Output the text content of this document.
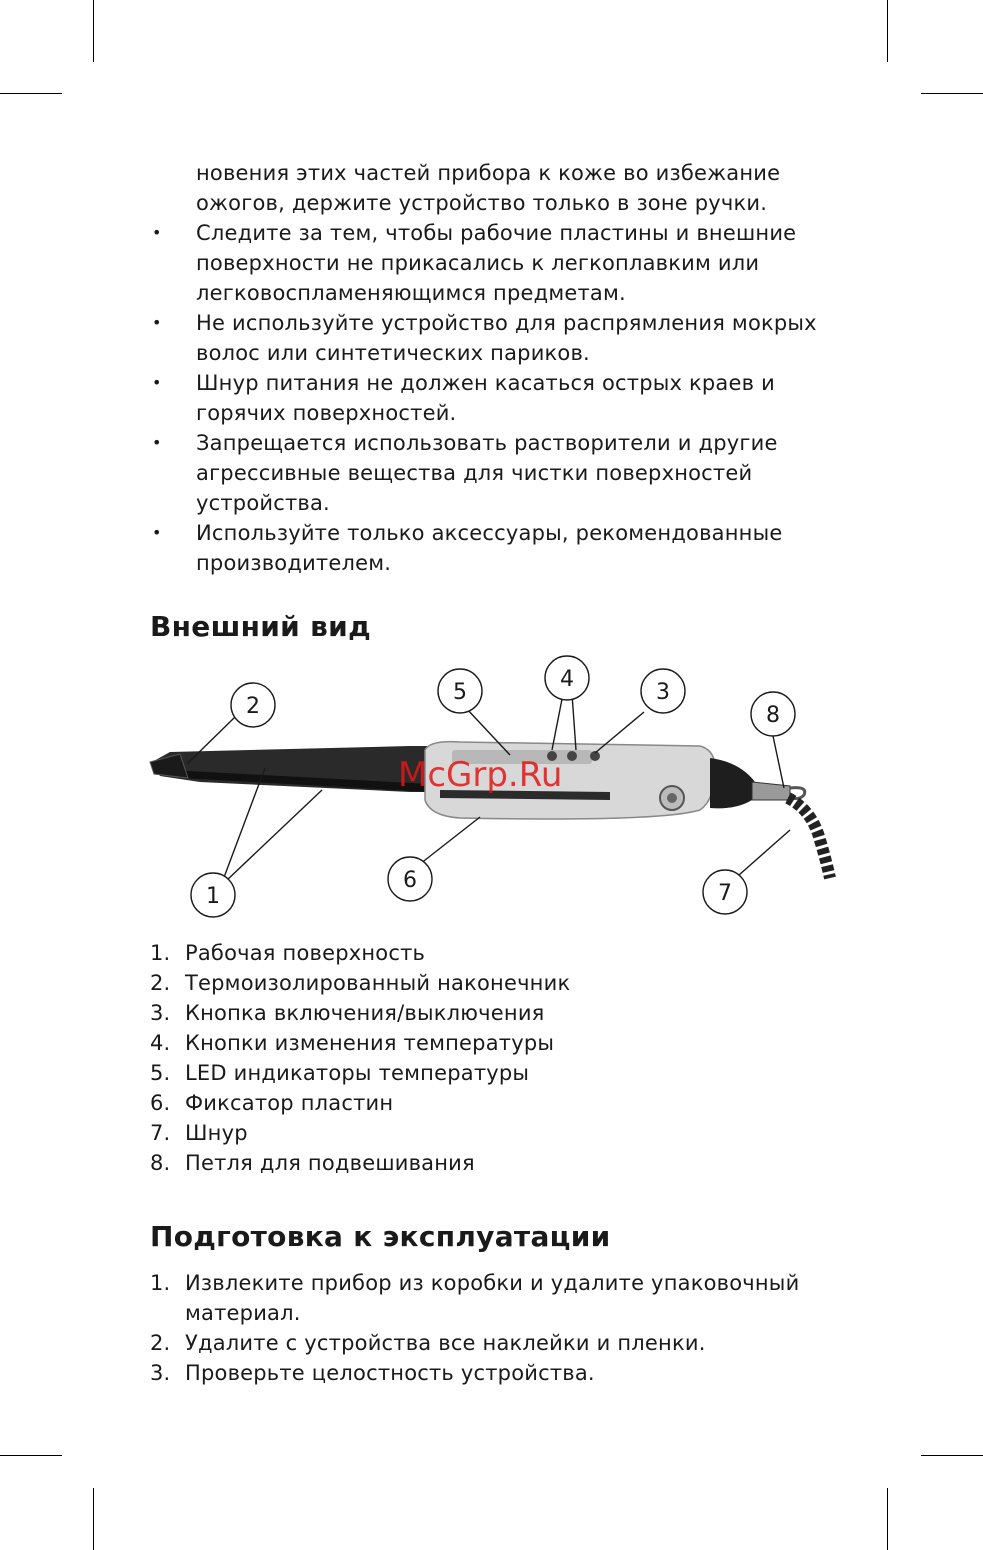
новения этих частей прибора к коже во избежание ожогов, держите устройство только в зоне ручки.
• Следите за тем, чтобы рабочие пластины и внешние поверхности не прикасались к легкоплавким или легковоспламеняющимся предметам.
• Не используйте устройство для распрямления мокрых волос или синтетических париков.
• Шнур питания не должен касаться острых краев и горячих поверхностей.
• Запрещается использовать растворители и другие агрессивные вещества для чистки поверхностей устройства.
• Используйте только аксессуары, рекомендованные производителем.
Внешний вид
2
1
5
4
3
8
6
7
McGrp.Ru
1. Рабочая поверхность
2. Термоизолированный наконечник
3. Кнопка включения/выключения
4. Кнопки изменения температуры
5. LED индикаторы температуры
6. Фиксатор пластин
7. Шнур
8. Петля для подвешивания
Подготовка к эксплуатации
1. Извлеките прибор из коробки и удалите упаковочный материал.
2. Удалите с устройства все наклейки и пленки.
3. Проверьте целостность устройства.
